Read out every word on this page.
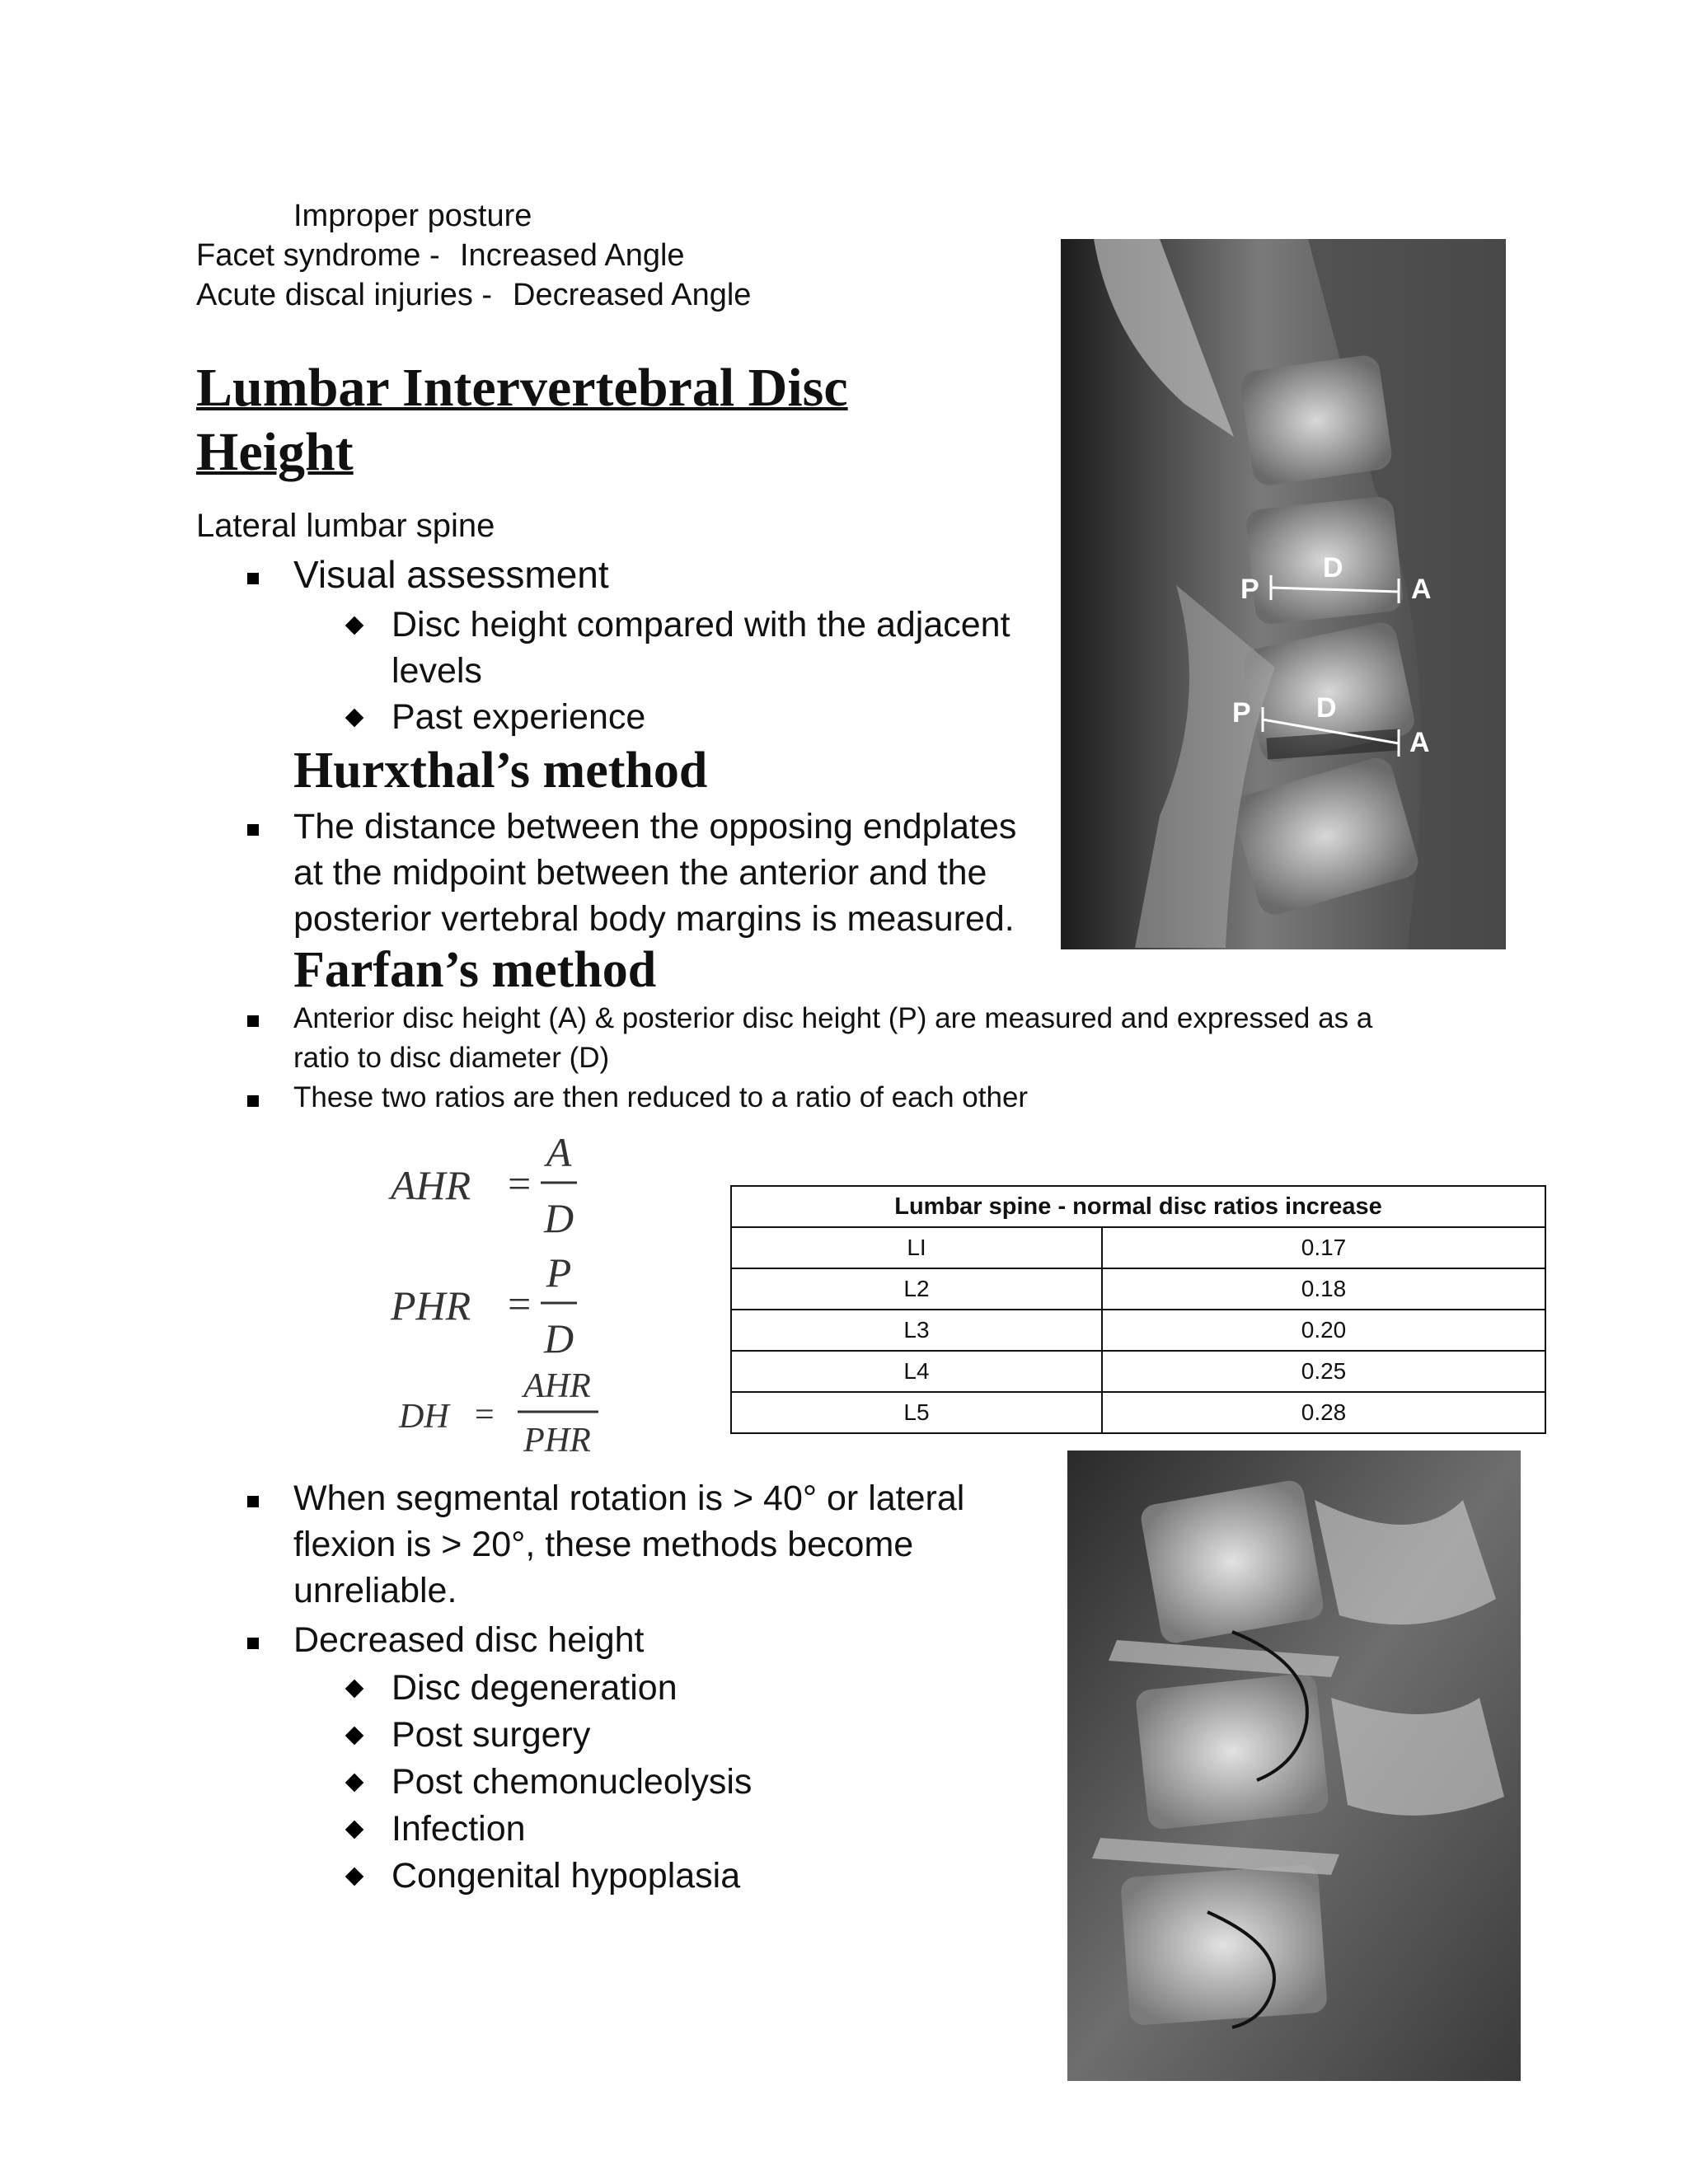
Improper posture
Facet syndrome - Increased Angle
Acute discal injuries - Decreased Angle
Lumbar Intervertebral Disc
Height
Lateral lumbar spine
Visual assessment
Disc height compared with the adjacent
levels
Past experience
Hurxthal’s method
The distance between the opposing endplates
at the midpoint between the anterior and the
posterior vertebral body margins is measured.
Farfan’s method
Anterior disc height (A) & posterior disc height (P) are measured and expressed as a
ratio to disc diameter (D)
These two ratios are then reduced to a ratio of each other
AHR =
A
D
PHR =
P
D
DH =
AHR
PHR
Lumbar spine - normal disc ratios increase	
LI	0.17
L2	0.18
L3	0.20
L4	0.25
L5	0.28
P
D
A
P D
A
When segmental rotation is > 40° or lateral
flexion is > 20°, these methods become
unreliable.
Decreased disc height
Disc degeneration
Post surgery
Post chemonucleolysis
Infection
Congenital hypoplasia
